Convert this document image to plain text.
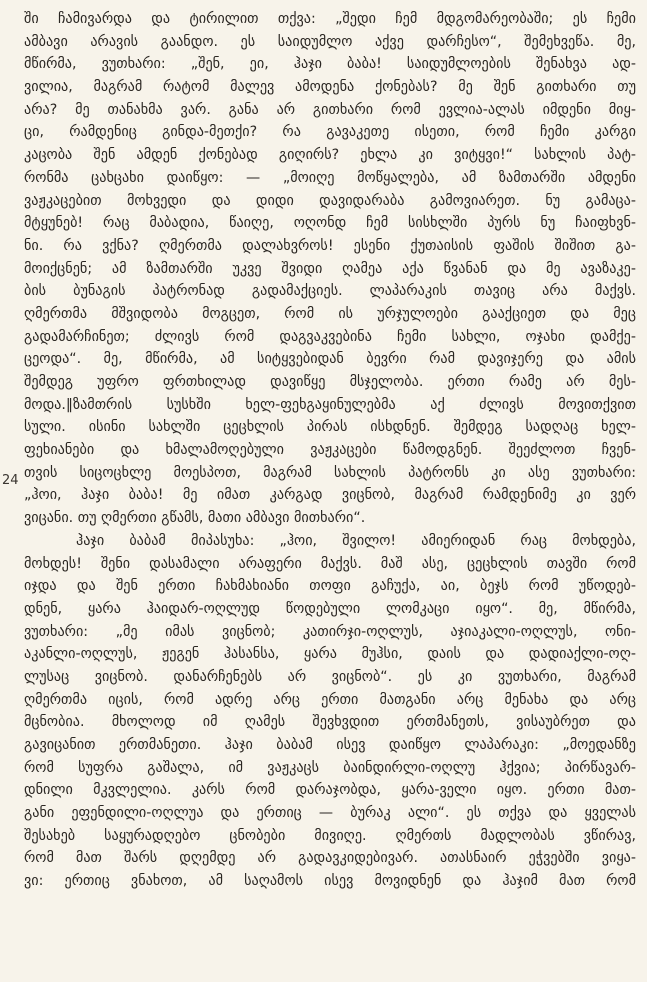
24
ში ჩამივარდა და ტირილით თქვა: „შედი ჩემ მდგომარეობაში; ეს ჩემი
ამბავი არავის გაანდო. ეს საიდუმლო აქვე დარჩესო“, შემეხვეწა. მე,
მწირმა, ვუთხარი: „შენ, ეი, ჰაჯი ბაბა! საიდუმლოების შენახვა ად-
ვილია, მაგრამ რატომ მალევ ამოდენა ქონებას? მე შენ გითხარი თუ
არა? მე თანახმა ვარ. განა არ გითხარი რომ ევლია-ალას იმდენი მიყ-
ცი, რამდენიც გინდა-მეთქი? რა გავაკეთე ისეთი, რომ ჩემი კარგი
კაცობა შენ ამდენ ქონებად გიღირს? ეხლა კი ვიტყვი!“ სახლის პატ-
რონმა ცახცახი დაიწყო: — „მოიღე მოწყალება, ამ ზამთარში ამდენი
ვაჟკაცებით მოხვედი და დიდი დავიდარაბა გამოვიარეთ. ნუ გამაცა-
მტყუნებ! რაც მაბადია, წაიღე, ოღონდ ჩემ სისხლში პურს ნუ ჩაიფხვნ-
ნი. რა ვქნა? ღმერთმა დალახვროს! ესენი ქუთაისის ფაშის შიშით გა-
მოიქცნენ; ამ ზამთარში უკვე შვიდი ღამეა აქა წვანან და მე ავაზაკე-
ბის ბუნაგის პატრონად გადამაქციეს. ლაპარაკის თავიც არა მაქვს.
ღმერთმა მშვიდობა მოგცეთ, რომ ის ურჯულოები გააქციეთ და მეც
გადამარჩინეთ; ძლივს რომ დაგვაკვებინა ჩემი სახლი, ოჯახი დამქე-
ცეოდა“. მე, მწირმა, ამ სიტყვებიდან ბევრი რამ დავიჯერე და ამის
შემდეგ უფრო ფრთხილად დავიწყე მსჯელობა. ერთი რამე არ მეს-
მოდა.‖ზამთრის სუსხში ხელ-ფეხგაყინულებმა აქ ძლივს მოვითქვით
სული. ისინი სახლში ცეცხლის პირას ისხდნენ. შემდეგ სადღაც ხელ-
ფეხიანები და ხმალამოღებული ვაჟკაცები წამოდგნენ. შეეძლოთ ჩვენ-
თვის სიცოცხლე მოესპოთ, მაგრამ სახლის პატრონს კი ასე ვუთხარი:
„ჰოი, ჰაჯი ბაბა! მე იმათ კარგად ვიცნობ, მაგრამ რამდენიმე კი ვერ
ვიცანი. თუ ღმერთი გწამს, მათი ამბავი მითხარი“.
ჰაჯი ბაბამ მიპასუხა: „ჰოი, შვილო! ამიერიდან რაც მოხდება,
მოხდეს! შენი დასამალი არაფერი მაქვს. მაშ ასე, ცეცხლის თავში რომ
იჯდა და შენ ერთი ჩახმახიანი თოფი გაჩუქა, აი, ბეჯს რომ უწოდებ-
დნენ, ყარა ჰაიდარ-ოღლუდ წოდებული ლომკაცი იყო“. მე, მწირმა,
ვუთხარი: „მე იმას ვიცნობ; კათირჯი-ოღლუს, აჯიაკალი-ოღლუს, ონი-
აკანლი-ოღლუს, ჟეგენ ჰასანსა, ყარა მუჰსი, დაის და დადიაქლი-ოღ-
ლუსაც ვიცნობ. დანარჩენებს არ ვიცნობ“. ეს კი ვუთხარი, მაგრამ
ღმერთმა იცის, რომ ადრე არც ერთი მათგანი არც მენახა და არც
მცნობია. მხოლოდ იმ ღამეს შევხვდით ერთმანეთს, ვისაუბრეთ და
გავიცანით ერთმანეთი. ჰაჯი ბაბამ ისევ დაიწყო ლაპარაკი: „მოედანზე
რომ სუფრა გაშალა, იმ ვაჟკაცს ბაინდირლი-ოღლუ ჰქვია; პირწავარ-
დნილი მკვლელია. კარს რომ დარაჯობდა, ყარა-ველი იყო. ერთი მათ-
განი ეფენდილი-ოღლუა და ერთიც — ბურაკ ალი“. ეს თქვა და ყველას
შესახებ საყურადღებო ცნობები მივიღე. ღმერთს მადლობას ვწირავ,
რომ მათ შარს დღემდე არ გადავკიდებივარ. ათასნაირ ეჭვებში ვიყა-
ვი: ერთიც ვნახოთ, ამ საღამოს ისევ მოვიდნენ და ჰაჯიმ მათ რომ
